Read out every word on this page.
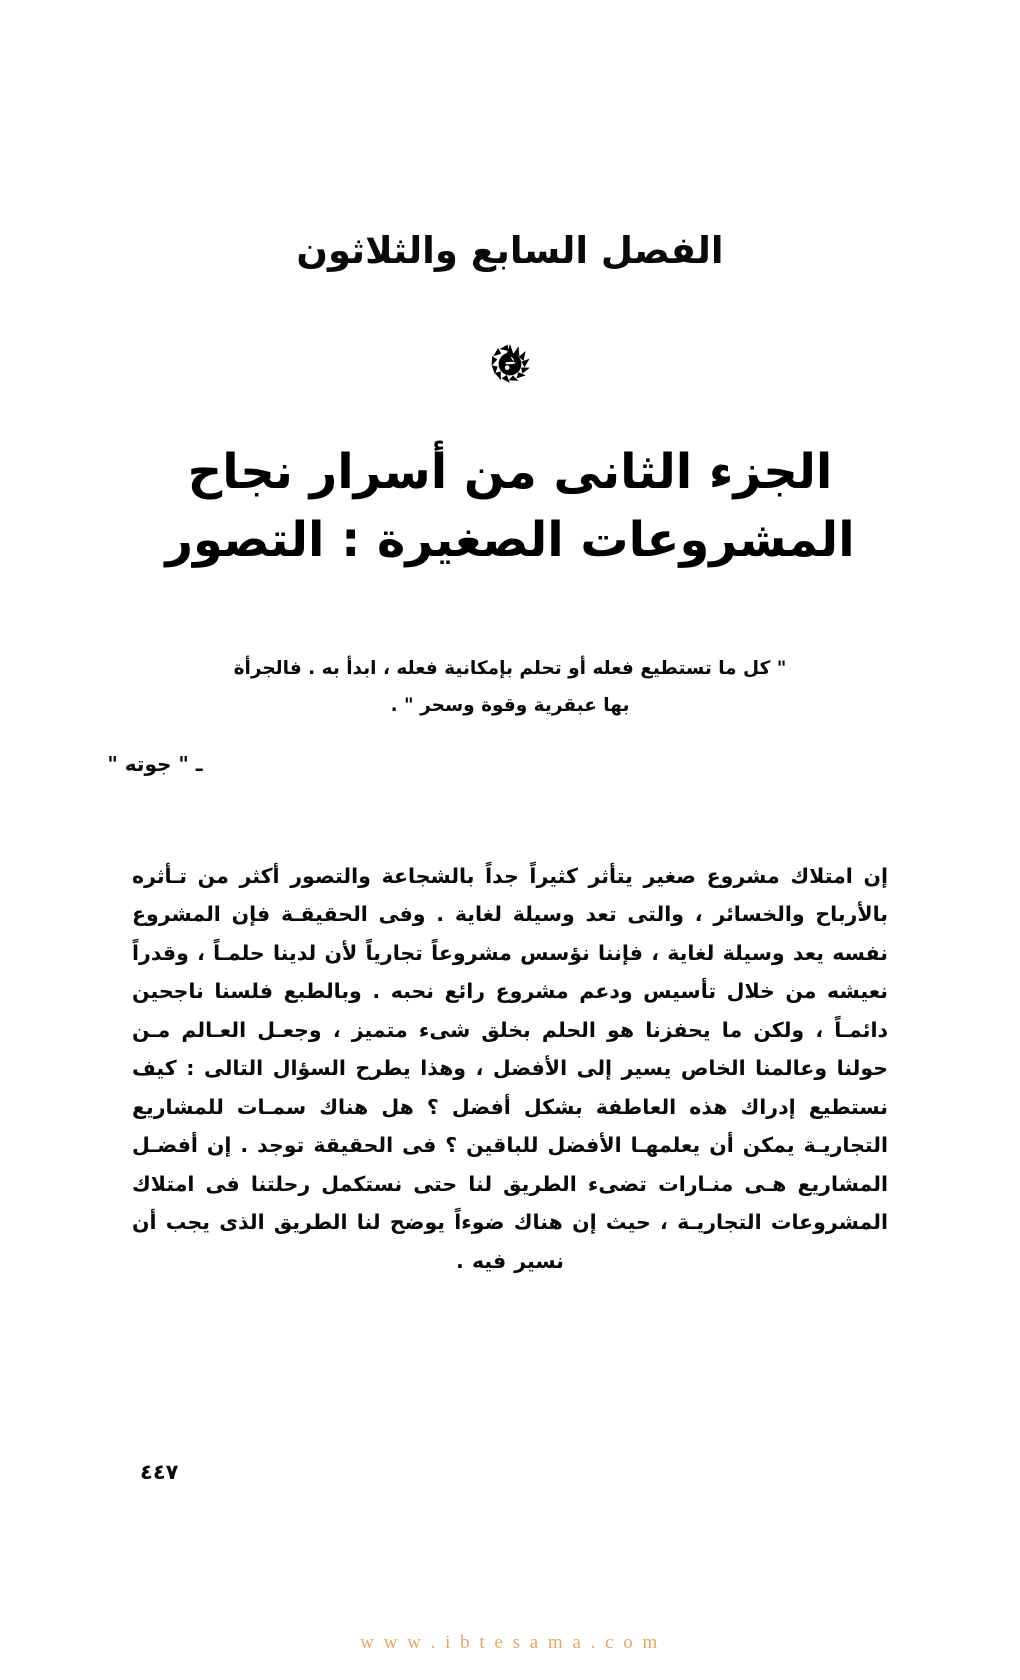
الفصل السابع والثلاثون
الجزء الثانى من أسرار نجاح
المشروعات الصغيرة : التصور
" كل ما تستطيع فعله أو تحلم بإمكانية فعله ، ابدأ به . فالجرأة
بها عبقرية وقوة وسحر " .
ـ " جوته "

إن امتلاك مشروع صغير يتأثر كثيراً جداً بالشجاعة والتصور أكثر من تـأثره بالأرباح والخسائر ، والتى تعد وسيلة لغاية . وفى الحقيقـة فإن المشروع نفسه يعد وسيلة لغاية ، فإننا نؤسس مشروعاً تجارياً لأن لدينا حلمـاً ، وقدراً نعيشه من خلال تأسيس ودعم مشروع رائع نحبه . وبالطبع فلسنا ناجحين دائمـاً ، ولكن ما يحفزنا هو الحلم بخلق شىء متميز ، وجعـل العـالم مـن حولنا وعالمنا الخاص يسير إلى الأفضل ، وهذا يطرح السؤال التالى : كيف نستطيع إدراك هذه العاطفة بشكل أفضل ؟ هل هناك سمـات للمشاريع التجاريـة يمكن أن يعلمهـا الأفضل للباقين ؟ فى الحقيقة توجد . إن أفضـل المشاريع هـى منـارات تضىء الطريق لنا حتى نستكمل رحلتنا فى امتلاك المشروعات التجاريـة ، حيث إن هناك ضوءاً يوضح لنا الطريق الذى يجب أن نسير فيه .

٤٤٧
w w w . i b t e s a m a . c o m
